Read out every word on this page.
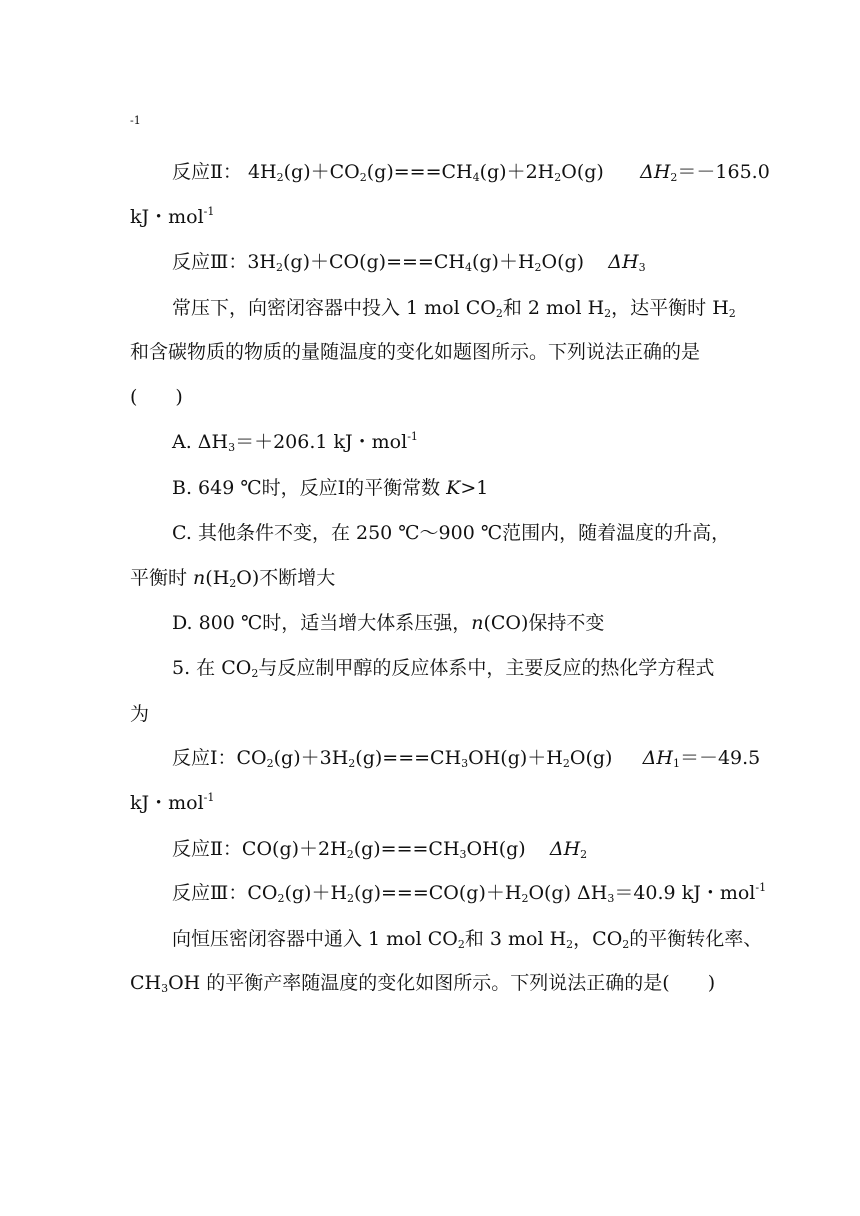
-1
反应Ⅱ： $4H_2(g)+CO_2(g)===CH_4(g)+2H_2O(g)$ $\Delta H_2=-165.0$
kJ・mol$^{-1}$
反应Ⅲ：$3H_2(g)+CO(g)===CH_4(g)+H_2O(g)$ $\Delta H_3$
常压下，向密闭容器中投入 1 mol $CO_2$和 2 mol $H_2$，达平衡时 $H_2$
和含碳物质的物质的量随温度的变化如题图所示。下列说法正确的是
(　　)
A. $\Delta H_3=+206.1$ kJ・mol$^{-1}$
B. 649 ℃时，反应Ⅰ的平衡常数 K>1
C. 其他条件不变，在 250 ℃～900 ℃范围内，随着温度的升高，
平衡时 $n(H_2O)$不断增大
D. 800 ℃时，适当增大体系压强，n(CO)保持不变
5. 在 $CO_2$与反应制甲醇的反应体系中，主要反应的热化学方程式
为
反应Ⅰ：$CO_2(g)+3H_2(g)===CH_3OH(g)+H_2O(g)$ $\Delta H_1=-49.5$
kJ・mol$^{-1}$
反应Ⅱ：$CO(g)+2H_2(g)===CH_3OH(g)$ $\Delta H_2$
反应Ⅲ：$CO_2(g)+H_2(g)===CO(g)+H_2O(g)$ $\Delta H_3=40.9$ kJ・mol$^{-1}$
向恒压密闭容器中通入 1 mol $CO_2$和 3 mol $H_2$，$CO_2$的平衡转化率、
$CH_3OH$ 的平衡产率随温度的变化如图所示。下列说法正确的是(　　)
